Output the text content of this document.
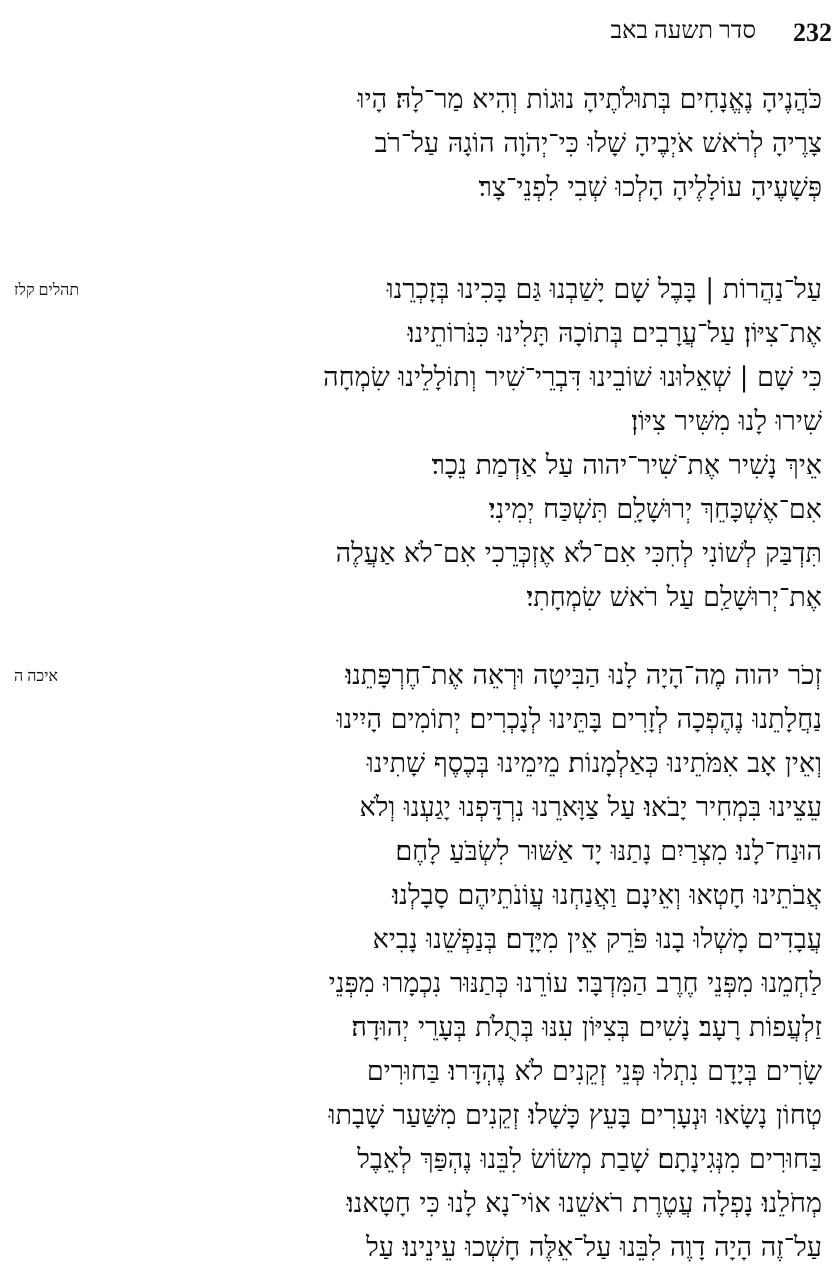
232
סדר תשעה באב
כֹּהֲנֶיהָ נֶאֱנָחִים בְּתוּלֹתֶיהָ נוּגוֹת וְהִיא מַר־לָהּ׃ הָיוּ
צָרֶיהָ לְרֹאשׁ אֹיְבֶיהָ שָׁלוּ כִּי־יְהֹוָה הוֹגָהּ עַל־רֹב
פְּשָׁעֶיהָ עוֹלָלֶיהָ הָלְכוּ שְׁבִי לִפְנֵי־צָר׃
תהלים קלז	עַל־נַהֲרוֹת | בָּבֶל שָׁם יָשַׁבְנוּ גַּם בָּכִינוּ בְּזָכְרֵנוּ
אֶת־צִיּוֹן׃ עַל־עֲרָבִים בְּתוֹכָהּ תָּלִינוּ כִּנֹּרוֹתֵינוּ׃
כִּי שָׁם | שְׁאֵלוּנוּ שׁוֹבֵינוּ דִּבְרֵי־שִׁיר וְתוֹלָלֵינוּ שִׂמְחָה
שִׁירוּ לָנוּ מִשִּׁיר צִיּוֹן׃
אֵיךְ נָשִׁיר אֶת־שִׁיר־יהוה עַל אַדְמַת נֵכָר׃
אִם־אֶשְׁכָּחֵךְ יְרוּשָׁלִָם תִּשְׁכַּח יְמִינִי׃
תִּדְבַּק לְשׁוֹנִי לְחִכִּי אִם־לֹא אֶזְכְּרֵכִי אִם־לֹא אַעֲלֶה
אֶת־יְרוּשָׁלִַם עַל רֹאשׁ שִׂמְחָתִי׃
איכה ה	זְכֹר יהוה מֶה־הָיָה לָנוּ הַבִּיטָה וּרְאֵה אֶת־חֶרְפָּתֵנוּ׃
נַחֲלָתֵנוּ נֶהֶפְכָה לְזָרִים בָּתֵּינוּ לְנָכְרִים׃ יְתוֹמִים הָיִינוּ
וְאֵין אָב אִמֹּתֵינוּ כְּאַלְמָנוֹת׃ מֵימֵינוּ בְּכֶסֶף שָׁתִינוּ
עֵצֵינוּ בִּמְחִיר יָבֹאוּ׃ עַל צַוָּארֵנוּ נִרְדָּפְנוּ יָגַעְנוּ וְלֹא
הוּנַח־לָנוּ׃ מִצְרַיִם נָתַנּוּ יָד אַשּׁוּר לִשְׂבֹּעַ לָחֶם׃
אֲבֹתֵינוּ חָטְאוּ וְאֵינָם וַאֲנַחְנוּ עֲוֹנֹתֵיהֶם סָבָלְנוּ׃
עֲבָדִים מָשְׁלוּ בָנוּ פֹּרֵק אֵין מִיָּדָם׃ בְּנַפְשֵׁנוּ נָבִיא
לַחְמֵנוּ מִפְּנֵי חֶרֶב הַמִּדְבָּר׃ עוֹרֵנוּ כְּתַנּוּר נִכְמָרוּ מִפְּנֵי
זַלְעֲפוֹת רָעָב׃ נָשִׁים בְּצִיּוֹן עִנּוּ בְּתֻלֹת בְּעָרֵי יְהוּדָה׃
שָׂרִים בְּיָדָם נִתְלוּ פְּנֵי זְקֵנִים לֹא נֶהְדָּרוּ׃ בַּחוּרִים
טְחוֹן נָשָׂאוּ וּנְעָרִים בָּעֵץ כָּשָׁלוּ׃ זְקֵנִים מִשַּׁעַר שָׁבָתוּ
בַּחוּרִים מִנְּגִינָתָם׃ שָׁבַת מְשׂוֹשׂ לִבֵּנוּ נֶהְפַּךְ לְאֵבֶל
מְחֹלֵנוּ׃ נָפְלָה עֲטֶרֶת רֹאשֵׁנוּ אוֹי־נָא לָנוּ כִּי חָטָאנוּ׃
עַל־זֶה הָיָה דָוֶה לִבֵּנוּ עַל־אֵלֶּה חָשְׁכוּ עֵינֵינוּ׃ עַל
